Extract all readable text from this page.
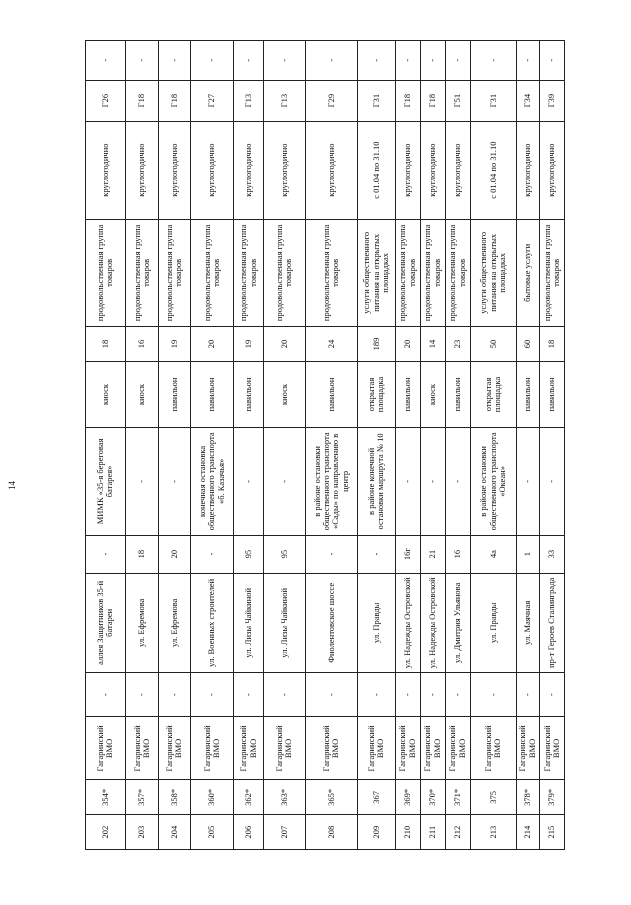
14
202	354*	Гагаринский ВМО	-	аллея Защитников 35-й батареи	-	МИМК «35-я береговая батарея»	киоск	18	продовольственная группа товаров	круглогодично	Г26	-
203	357*	Гагаринский ВМО	-	ул. Ефремова	18	-	киоск	16	продовольственная группа товаров	круглогодично	Г18	-
204	358*	Гагаринский ВМО	-	ул. Ефремова	20	-	павильон	19	продовольственная группа товаров	круглогодично	Г18	-
205	360*	Гагаринский ВМО	-	ул. Военных строителей	-	конечная остановка общественного транспорта «б. Казачья»	павильон	20	продовольственная группа товаров	круглогодично	Г27	-
206	362*	Гагаринский ВМО	-	ул. Лизы Чайкиной	95	-	павильон	19	продовольственная группа товаров	круглогодично	Г13	-
207	363*	Гагаринский ВМО	-	ул. Лизы Чайкиной	95	-	киоск	20	продовольственная группа товаров	круглогодично	Г13	-
208	365*	Гагаринский ВМО	-	Фиолентовское шоссе	-	в районе остановки общественного транспорта «Сады» по направлению в центр	павильон	24	продовольственная группа товаров	круглогодично	Г29	-
209	367	Гагаринский ВМО	-	ул. Правды	-	в районе конечной остановки маршрута № 10	открытая площадка	189	услуги общественного питания на открытых площадках	с 01.04 по 31.10	Г31	-
210	369*	Гагаринский ВМО	-	ул. Надежды Островской	16г	-	павильон	20	продовольственная группа товаров	круглогодично	Г18	-
211	370*	Гагаринский ВМО	-	ул. Надежды Островской	21	-	киоск	14	продовольственная группа товаров	круглогодично	Г18	-
212	371*	Гагаринский ВМО	-	ул. Дмитрия Ульянова	16	-	павильон	23	продовольственная группа товаров	круглогодично	Г51	-
213	375	Гагаринский ВМО	-	ул. Правды	4а	в районе остановки общественного транспорта «Океан»	открытая площадка	50	услуги общественного питания на открытых площадках	с 01.04 по 31.10	Г31	-
214	378*	Гагаринский ВМО	-	ул. Маячная	1	-	павильон	60	бытовые услуги	круглогодично	Г34	-
215	379*	Гагаринский ВМО	-	пр-т Героев Сталинграда	33	-	павильон	18	продовольственная группа товаров	круглогодично	Г39	-
